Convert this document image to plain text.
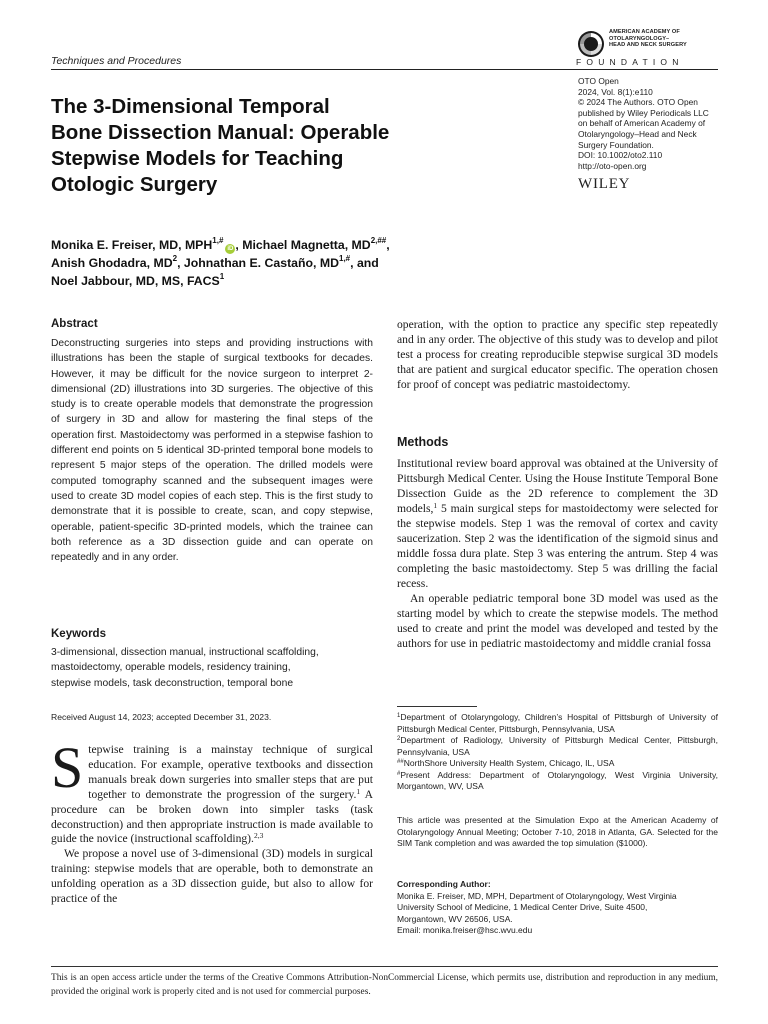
Techniques and Procedures
AMERICAN ACADEMY OF
OTOLARYNGOLOGY–
HEAD AND NECK SURGERY
FOUNDATION
OTO Open
2024, Vol. 8(1):e110
© 2024 The Authors. OTO Open
published by Wiley Periodicals LLC
on behalf of American Academy of
Otolaryngology–Head and Neck
Surgery Foundation.
DOI: 10.1002/oto2.110
http://oto-open.org
WILEY
The 3-Dimensional Temporal
Bone Dissection Manual: Operable
Stepwise Models for Teaching
Otologic Surgery
Monika E. Freiser, MD, $MPH^{1,\#}iD$ , Michael Magnetta, $MD^{2,\#\#}$,
Anish Ghodadra, $MD^2$, Johnathan E. Castaño, $MD^{1,\#}$, and
Noel Jabbour, MD, MS, FACS$^1$
Abstract
Deconstructing surgeries into steps and providing instructions with illustrations has been the staple of surgical textbooks for decades. However, it may be difficult for the novice surgeon to interpret 2-dimensional (2D) illustrations into 3D surgeries. The objective of this study is to create operable models that demonstrate the progression of surgery in 3D and allow for mastering the final steps of the operation first. Mastoidectomy was performed in a stepwise fashion to different end points on 5 identical 3D-printed temporal bone models to represent 5 major steps of the operation. The drilled models were computed tomography scanned and the subsequent images were used to create 3D model copies of each step. This is the first study to demonstrate that it is possible to create, scan, and copy stepwise, operable, patient-specific 3D-printed models, which the trainee can both reference as a 3D dissection guide and can operate on repeatedly and in any order.
Keywords
3-dimensional, dissection manual, instructional scaffolding,
mastoidectomy, operable models, residency training,
stepwise models, task deconstruction, temporal bone
Received August 14, 2023; accepted December 31, 2023.

Stepwise training is a mainstay technique of surgical education. For example, operative textbooks and dissection manuals break down surgeries into smaller steps that are put together to demonstrate the progression of the surgery.$^1$ A procedure can be broken down into simpler tasks (task deconstruction) and then appropriate instruction is made available to guide the novice (instructional scaffolding).$^{2,3}$

We propose a novel use of 3-dimensional (3D) models in surgical training: stepwise models that are operable, both to demonstrate an unfolding operation as a 3D dissection guide, but also to allow for practice of the

operation, with the option to practice any specific step repeatedly and in any order. The objective of this study was to develop and pilot test a process for creating reproducible stepwise surgical 3D models that are patient and surgical educator specific. The operation chosen for proof of concept was pediatric mastoidectomy.
Methods

Institutional review board approval was obtained at the University of Pittsburgh Medical Center. Using the House Institute Temporal Bone Dissection Guide as the 2D reference to complement the 3D models,$^1$ 5 main surgical steps for mastoidectomy were selected for the stepwise models. Step 1 was the removal of cortex and cavity saucerization. Step 2 was the identification of the sigmoid sinus and middle fossa dura plate. Step 3 was entering the antrum. Step 4 was completing the basic mastoidectomy. Step 5 was drilling the facial recess.

An operable pediatric temporal bone 3D model was used as the starting model by which to create the stepwise models. The method used to create and print the model was developed and tested by the authors for use in pediatric mastoidectomy and middle cranial fossa

$^1$Department of Otolaryngology, Children’s Hospital of Pittsburgh of University of Pittsburgh Medical Center, Pittsburgh, Pennsylvania, USA
$^2$Department of Radiology, University of Pittsburgh Medical Center, Pittsburgh, Pennsylvania, USA
##NorthShore University Health System, Chicago, IL, USA
#Present Address: Department of Otolaryngology, West Virginia University, Morgantown, WV, USA
This article was presented at the Simulation Expo at the American Academy of Otolaryngology Annual Meeting; October 7-10, 2018 in Atlanta, GA. Selected for the SIM Tank completion and was awarded the top simulation ($1000).
Corresponding Author:
Monika E. Freiser, MD, MPH, Department of Otolaryngology, West Virginia
University School of Medicine, 1 Medical Center Drive, Suite 4500,
Morgantown, WV 26506, USA.
Email: monika.freiser@hsc.wvu.edu
This is an open access article under the terms of the Creative Commons Attribution-NonCommercial License, which permits use, distribution and reproduction in any medium, provided the original work is properly cited and is not used for commercial purposes.
